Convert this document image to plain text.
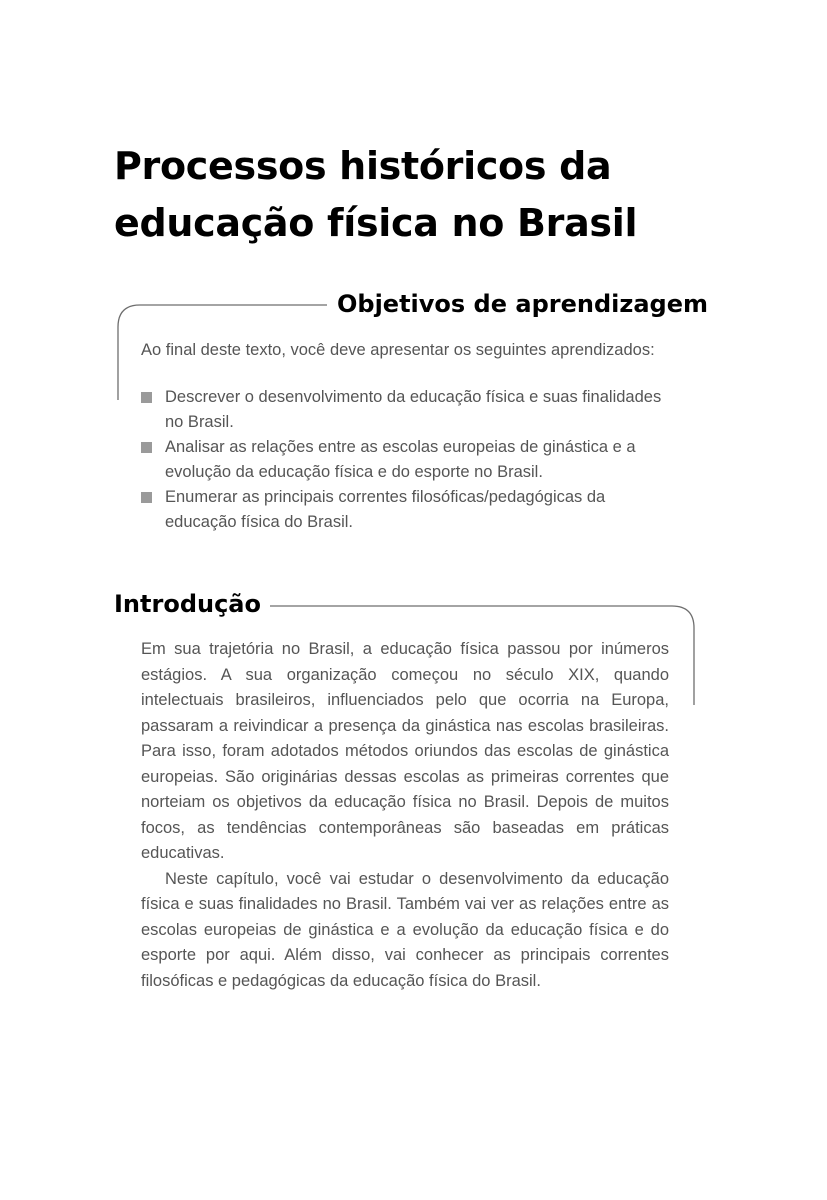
Processos históricos da
educação física no Brasil
Objetivos de aprendizagem

Ao final deste texto, você deve apresentar os seguintes aprendizados:

Descrever o desenvolvimento da educação física e suas finalidades no Brasil.
Analisar as relações entre as escolas europeias de ginástica e a evolução da educação física e do esporte no Brasil.
Enumerar as principais correntes filosóficas/pedagógicas da educação física do Brasil.
Introdução

Em sua trajetória no Brasil, a educação física passou por inúmeros estágios. A sua organização começou no século XIX, quando intelectuais brasileiros, influenciados pelo que ocorria na Europa, passaram a reivindicar a presença da ginástica nas escolas brasileiras. Para isso, foram adotados métodos oriundos das escolas de ginástica europeias. São originárias dessas escolas as primeiras correntes que norteiam os objetivos da educação física no Brasil. Depois de muitos focos, as tendências contemporâneas são baseadas em práticas educativas.

Neste capítulo, você vai estudar o desenvolvimento da educação física e suas finalidades no Brasil. Também vai ver as relações entre as escolas europeias de ginástica e a evolução da educação física e do esporte por aqui. Além disso, vai conhecer as principais correntes filosóficas e pedagógicas da educação física do Brasil.
